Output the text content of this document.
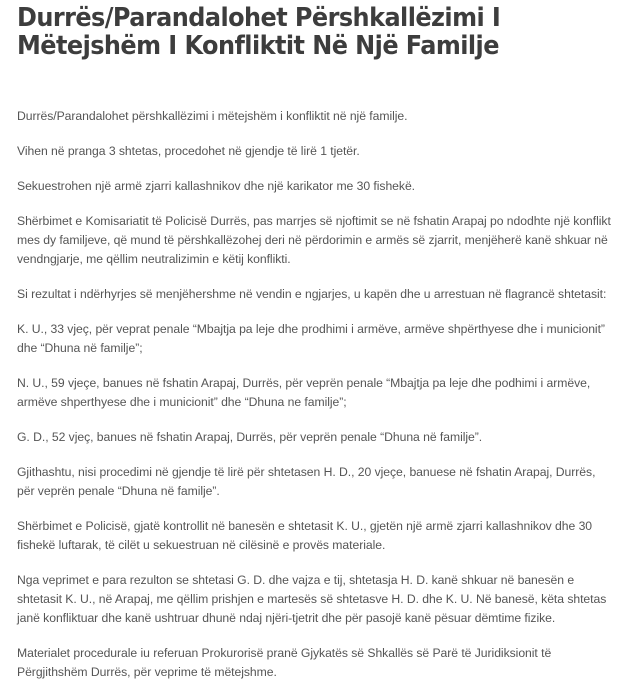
Durrës/Parandalohet Përshkallëzimi I
Mëtejshëm I Konfliktit Në Një Familje

Durrës/Parandalohet përshkallëzimi i mëtejshëm i konfliktit në një familje.

Vihen në pranga 3 shtetas, procedohet në gjendje të lirë 1 tjetër.

Sekuestrohen një armë zjarri kallashnikov dhe një karikator me 30 fishekë.

Shërbimet e Komisariatit të Policisë Durrës, pas marrjes së njoftimit se në fshatin Arapaj po ndodhte një konflikt mes dy familjeve, që mund të përshkallëzohej deri në përdorimin e armës së zjarrit, menjëherë kanë shkuar në vendngjarje, me qëllim neutralizimin e këtij konflikti.

Si rezultat i ndërhyrjes së menjëhershme në vendin e ngjarjes, u kapën dhe u arrestuan në flagrancë shtetasit:

K. U., 33 vjeç, për veprat penale “Mbajtja pa leje dhe prodhimi i armëve, armëve shpërthyese dhe i municionit” dhe “Dhuna në familje”;

N. U., 59 vjeçe, banues në fshatin Arapaj, Durrës, për veprën penale “Mbajtja pa leje dhe podhimi i armëve, armëve shperthyese dhe i municionit” dhe “Dhuna ne familje”;

G. D., 52 vjeç, banues në fshatin Arapaj, Durrës, për veprën penale “Dhuna në familje”.

Gjithashtu, nisi procedimi në gjendje të lirë për shtetasen H. D., 20 vjeçe, banuese në fshatin Arapaj, Durrës, për veprën penale “Dhuna në familje”.

Shërbimet e Policisë, gjatë kontrollit në banesën e shtetasit K. U., gjetën një armë zjarri kallashnikov dhe 30 fishekë luftarak, të cilët u sekuestruan në cilësinë e provës materiale.

Nga veprimet e para rezulton se shtetasi G. D. dhe vajza e tij, shtetasja H. D. kanë shkuar në banesën e shtetasit K. U., në Arapaj, me qëllim prishjen e martesës së shtetasve H. D. dhe K. U. Në banesë, këta shtetas janë konfliktuar dhe kanë ushtruar dhunë ndaj njëri-tjetrit dhe për pasojë kanë pësuar dëmtime fizike.

Materialet procedurale iu referuan Prokurorisë pranë Gjykatës së Shkallës së Parë të Juridiksionit të Përgjithshëm Durrës, për veprime të mëtejshme.
